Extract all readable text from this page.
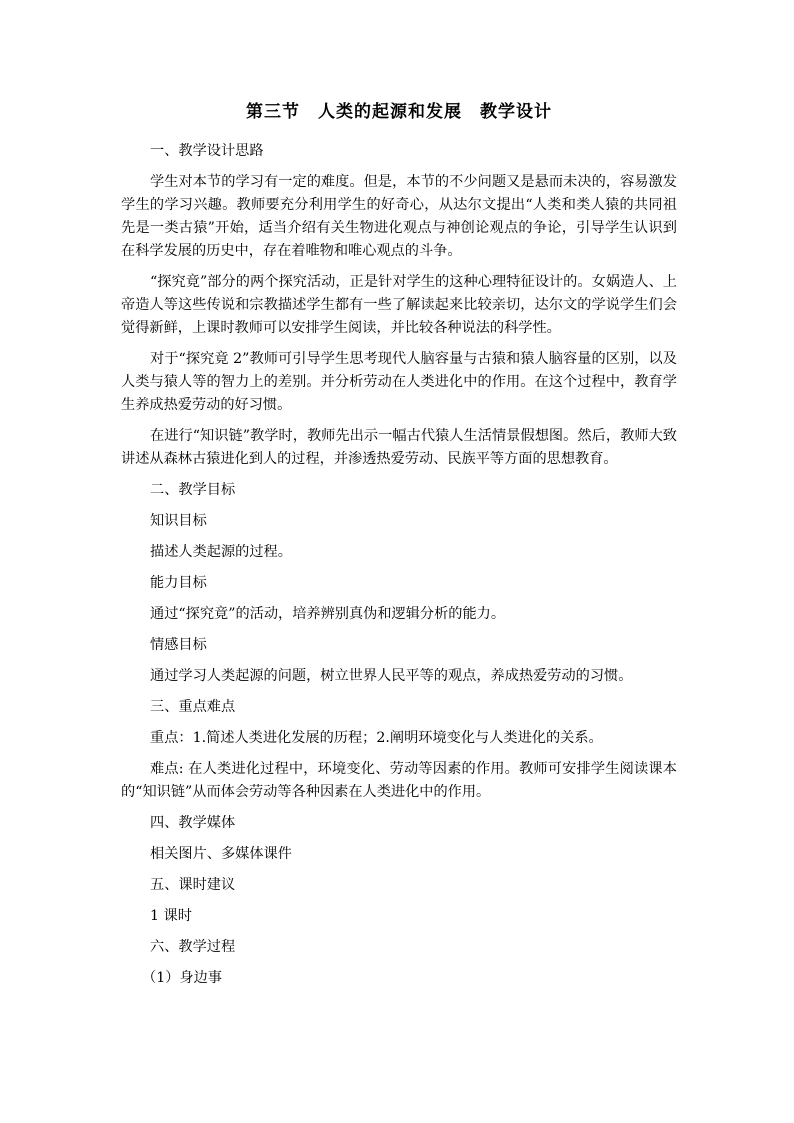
第三节　人类的起源和发展　教学设计
一、教学设计思路
学生对本节的学习有一定的难度。但是，本节的不少问题又是悬而未决的，容易激发学生的学习兴趣。教师要充分利用学生的好奇心，从达尔文提出“人类和类人猿的共同祖先是一类古猿”开始，适当介绍有关生物进化观点与神创论观点的争论，引导学生认识到在科学发展的历史中，存在着唯物和唯心观点的斗争。
“探究竟”部分的两个探究活动，正是针对学生的这种心理特征设计的。女娲造人、上帝造人等这些传说和宗教描述学生都有一些了解读起来比较亲切，达尔文的学说学生们会觉得新鲜，上课时教师可以安排学生阅读，并比较各种说法的科学性。
对于“探究竟 2”教师可引导学生思考现代人脑容量与古猿和猿人脑容量的区别，以及人类与猿人等的智力上的差别。并分析劳动在人类进化中的作用。在这个过程中，教育学生养成热爱劳动的好习惯。
在进行“知识链”教学时，教师先出示一幅古代猿人生活情景假想图。然后，教师大致讲述从森林古猿进化到人的过程，并渗透热爱劳动、民族平等方面的思想教育。
二、教学目标
知识目标
描述人类起源的过程。
能力目标
通过“探究竟”的活动，培养辨别真伪和逻辑分析的能力。
情感目标
通过学习人类起源的问题，树立世界人民平等的观点，养成热爱劳动的习惯。
三、重点难点
重点：1.简述人类进化发展的历程；2.阐明环境变化与人类进化的关系。
难点: 在人类进化过程中，环境变化、劳动等因素的作用。教师可安排学生阅读课本的“知识链”从而体会劳动等各种因素在人类进化中的作用。
四、教学媒体
相关图片、多媒体课件
五、课时建议
1 课时
六、教学过程
（1）身边事
